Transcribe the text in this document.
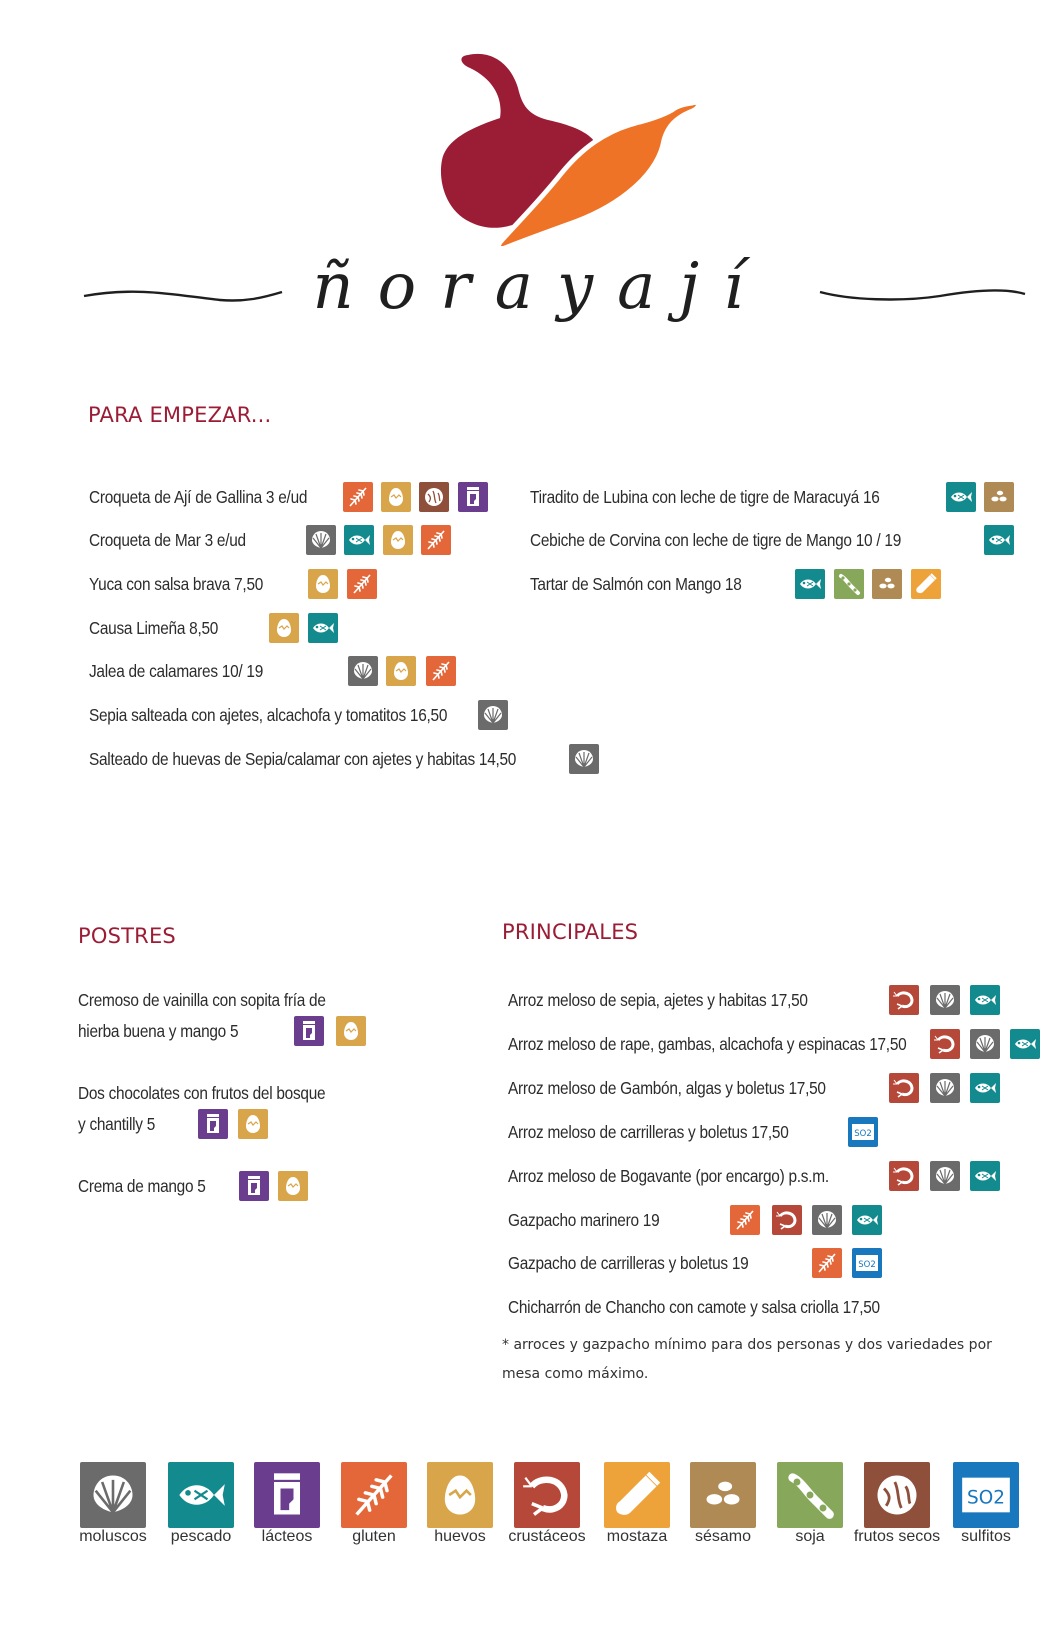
ñorayají
PARA EMPEZAR...
POSTRES	PRINCIPALES
* arroces y gazpacho mínimo para dos personas y dos variedades por
mesa como máximo.
Croqueta de Ají de Gallina 3 e/ud
Croqueta de Mar 3 e/ud
Yuca con salsa brava 7,50
Causa Limeña 8,50
Jalea de calamares 10/ 19
Sepia salteada con ajetes, alcachofa y tomatitos 16,50
Salteado de huevas de Sepia/calamar con ajetes y habitas 14,50
Tiradito de Lubina con leche de tigre de Maracuyá 16
Cebiche de Corvina con leche de tigre de Mango 10 / 19
Tartar de Salmón con Mango 18
Cremoso de vainilla con sopita fría de
hierba buena y mango 5
Dos chocolates con frutos del bosque
y chantilly 5
Crema de mango 5
Arroz meloso de sepia, ajetes y habitas 17,50
Arroz meloso de rape, gambas, alcachofa y espinacas 17,50
Arroz meloso de Gambón, algas y boletus 17,50
Arroz meloso de carrilleras y boletus 17,50	SO2
Arroz meloso de Bogavante (por encargo) p.s.m.
Gazpacho marinero 19
Gazpacho de carrilleras y boletus 19	SO2
Chicharrón de Chancho con camote y salsa criolla 17,50
moluscos	pescado	lácteos	gluten	huevos	crustáceos	mostaza	sésamo	soja	frutos secos
SO2
sulfitos
